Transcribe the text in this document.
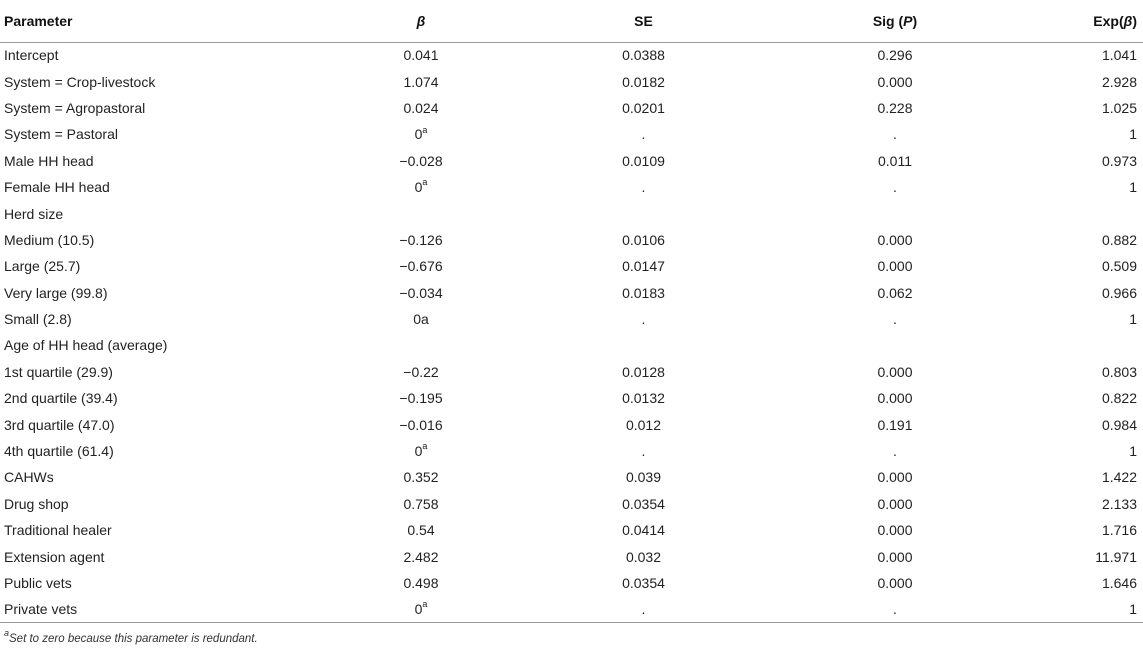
Parameter	β	SE	Sig (P)	Exp(β)
Intercept	0.041	0.0388	0.296	1.041
System = Crop-livestock	1.074	0.0182	0.000	2.928
System = Agropastoral	0.024	0.0201	0.228	1.025
System = Pastoral	0$^a$	.	.	1
Male HH head	−0.028	0.0109	0.011	0.973
Female HH head	0$^a$	.	.	1
Herd size				
Medium (10.5)	−0.126	0.0106	0.000	0.882
Large (25.7)	−0.676	0.0147	0.000	0.509
Very large (99.8)	−0.034	0.0183	0.062	0.966
Small (2.8)	0a	.	.	1
Age of HH head (average)				
1st quartile (29.9)	−0.22	0.0128	0.000	0.803
2nd quartile (39.4)	−0.195	0.0132	0.000	0.822
3rd quartile (47.0)	−0.016	0.012	0.191	0.984
4th quartile (61.4)	0$^a$	.	.	1
CAHWs	0.352	0.039	0.000	1.422
Drug shop	0.758	0.0354	0.000	2.133
Traditional healer	0.54	0.0414	0.000	1.716
Extension agent	2.482	0.032	0.000	11.971
Public vets	0.498	0.0354	0.000	1.646
Private vets	0$^a$	.	.	1
$^a$Set to zero because this parameter is redundant.
